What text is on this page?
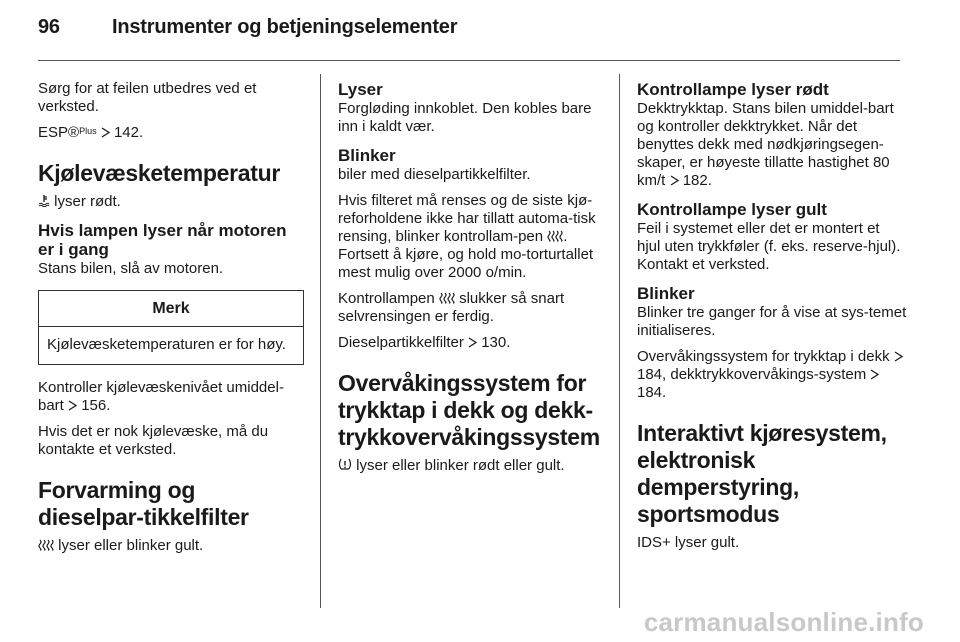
96	Instrumenter og betjeningselementer

Sørg for at feilen utbedres ved et verksted.

ESP®$^{Plus}$ 142.

Kjølevæsketemperatur

lyser rødt.

Hvis lampen lyser når motoren er i gang

Stans bilen, slå av motoren.

Merk
Kjølevæsketemperaturen er for høy.

Kontroller kjølevæskenivået umiddel-bart 156.

Hvis det er nok kjølevæske, må du kontakte et verksted.

Forvarming og dieselpar-tikkelfilter

lyser eller blinker gult.

Lyser

Forgløding innkoblet. Den kobles bare inn i kaldt vær.

Blinker

biler med dieselpartikkelfilter.

Hvis filteret må renses og de siste kjø-reforholdene ikke har tillatt automa-tisk rensing, blinker kontrollam-pen . Fortsett å kjøre, og hold mo-torturtallet mest mulig over 2000 o/min.

Kontrollampen slukker så snart selvrensingen er ferdig.

Dieselpartikkelfilter 130.

Overvåkingssystem for trykktap i dekk og dekk-trykkovervåkingssystem

lyser eller blinker rødt eller gult.

Kontrollampe lyser rødt

Dekktrykktap. Stans bilen umiddel-bart og kontroller dekktrykket. Når det benyttes dekk med nødkjøringsegen-skaper, er høyeste tillatte hastighet 80 km/t 182.

Kontrollampe lyser gult

Feil i systemet eller det er montert et hjul uten trykkføler (f. eks. reserve-hjul). Kontakt et verksted.

Blinker

Blinker tre ganger for å vise at sys-temet initialiseres.

Overvåkingssystem for trykktap i dekk  184, dekktrykkovervåkings-system  184.

Interaktivt kjøresystem, elektronisk demperstyring, sportsmodus

IDS+ lyser gult.

carmanualsonline.info
